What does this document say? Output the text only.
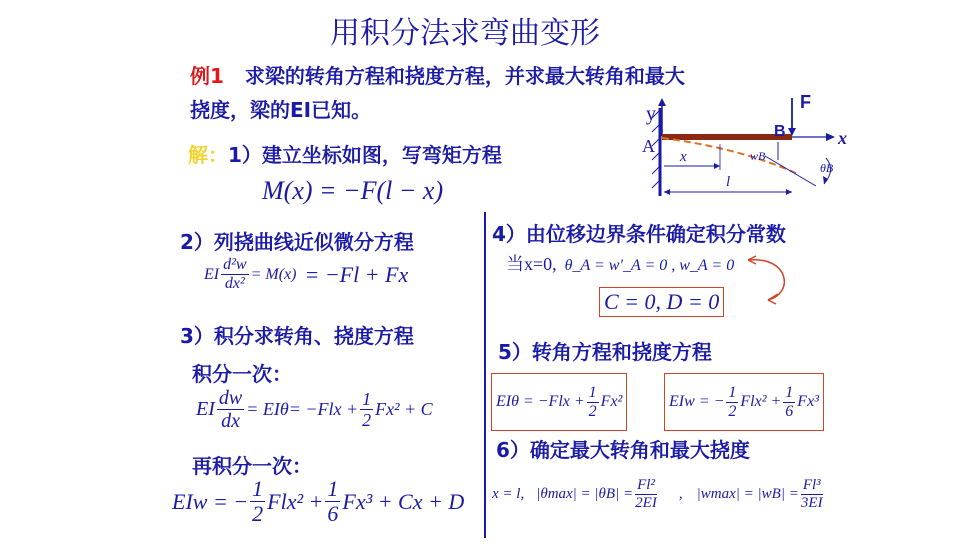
用积分法求弯曲变形
例1 求梁的转角方程和挠度方程，并求最大转角和最大
挠度，梁的EI已知。
解：1）建立坐标如图，写弯矩方程
M(x) = −F(l − x)
2）列挠曲线近似微分方程
EI $\frac{\text{d²w}}{\text{dx²}} = M(x) = -Fl + Fx$
3）积分求转角、挠度方程
积分一次：
EI $\frac{dw}{dx} = EI\theta= -Flx + \frac{1}{2} Fx^2 + C$
再积分一次：
EIw = − $\frac{1}{2} Flx^2 + \frac{1}{6} Fx^3 + Cx + D$
4）由位移边界条件确定积分常数
当x=0, θ_A = w′_A = 0 , w_A = 0
C = 0, D = 0
5）转角方程和挠度方程
$EI\theta = -Flx + \frac{1}{2} Fx^2$	EIw = − $\frac{1}{2} Flx^2 + \frac{1}{6} Fx^3$
6）确定最大转角和最大挠度
x = l, $|\theta\max| = |\theta B| = \frac{\text{Fl²}}{2EI}$ , $|wmax| = |wB| = \frac{\text{Fl³}}{3EI}$
y
A
B
F
x
x
l
wB
θB
